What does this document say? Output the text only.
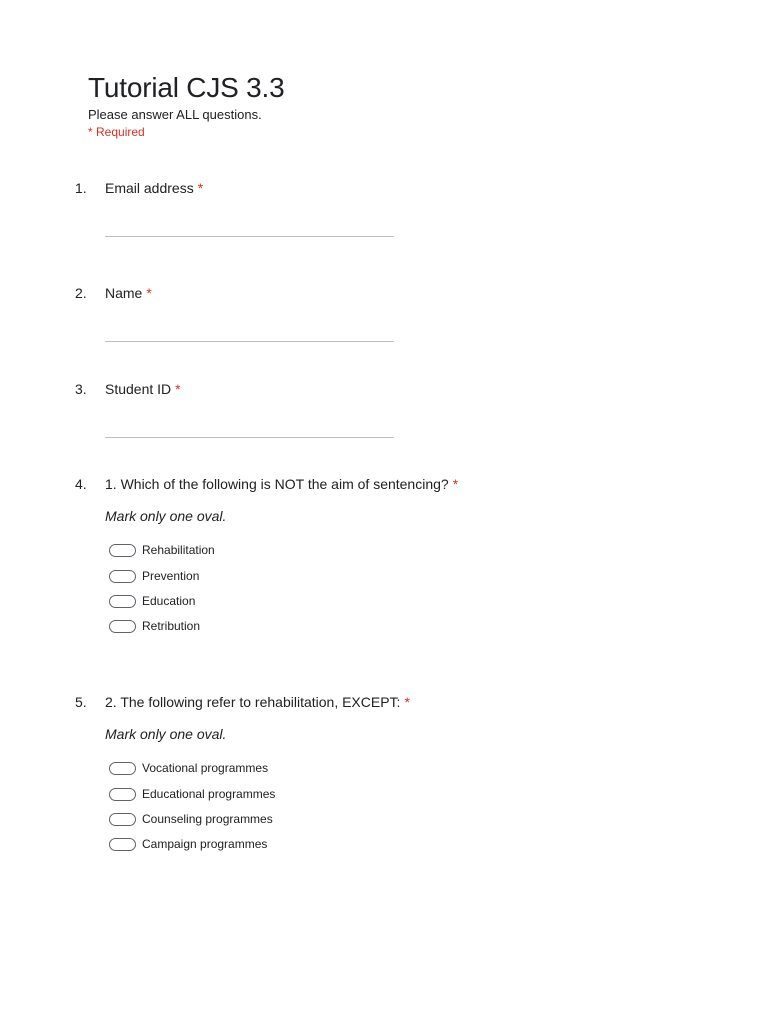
Tutorial CJS 3.3
Please answer ALL questions.
* Required
1. Email address *
2. Name *
3. Student ID *
4. 1. Which of the following is NOT the aim of sentencing? *
Mark only one oval.
Rehabilitation
Prevention
Education
Retribution
5. 2. The following refer to rehabilitation, EXCEPT: *
Mark only one oval.
Vocational programmes
Educational programmes
Counseling programmes
Campaign programmes
